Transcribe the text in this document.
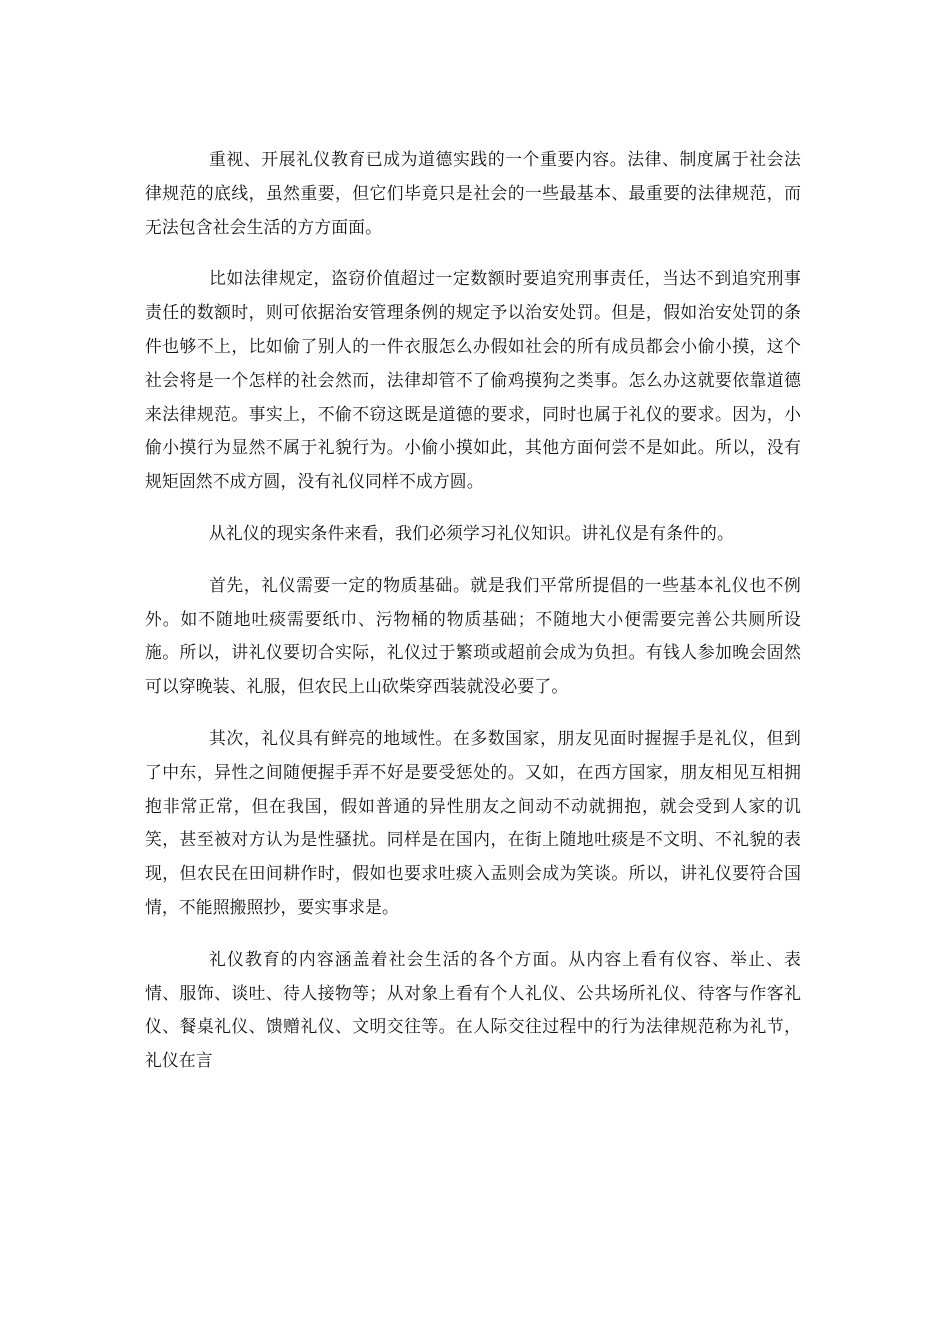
重视、开展礼仪教育已成为道德实践的一个重要内容。法律、制度属于社会法律规范的底线，虽然重要，但它们毕竟只是社会的一些最基本、最重要的法律规范，而无法包含社会生活的方方面面。

比如法律规定，盗窃价值超过一定数额时要追究刑事责任，当达不到追究刑事责任的数额时，则可依据治安管理条例的规定予以治安处罚。但是，假如治安处罚的条件也够不上，比如偷了别人的一件衣服怎么办假如社会的所有成员都会小偷小摸，这个社会将是一个怎样的社会然而，法律却管不了偷鸡摸狗之类事。怎么办这就要依靠道德来法律规范。事实上，不偷不窃这既是道德的要求，同时也属于礼仪的要求。因为，小偷小摸行为显然不属于礼貌行为。小偷小摸如此，其他方面何尝不是如此。所以，没有规矩固然不成方圆，没有礼仪同样不成方圆。

从礼仪的现实条件来看，我们必须学习礼仪知识。讲礼仪是有条件的。

首先，礼仪需要一定的物质基础。就是我们平常所提倡的一些基本礼仪也不例外。如不随地吐痰需要纸巾、污物桶的物质基础；不随地大小便需要完善公共厕所设施。所以，讲礼仪要切合实际，礼仪过于繁琐或超前会成为负担。有钱人参加晚会固然可以穿晚装、礼服，但农民上山砍柴穿西装就没必要了。

其次，礼仪具有鲜亮的地域性。在多数国家，朋友见面时握握手是礼仪，但到了中东，异性之间随便握手弄不好是要受惩处的。又如，在西方国家，朋友相见互相拥抱非常正常，但在我国，假如普通的异性朋友之间动不动就拥抱，就会受到人家的讥笑，甚至被对方认为是性骚扰。同样是在国内，在街上随地吐痰是不文明、不礼貌的表现，但农民在田间耕作时，假如也要求吐痰入盂则会成为笑谈。所以，讲礼仪要符合国情，不能照搬照抄，要实事求是。

礼仪教育的内容涵盖着社会生活的各个方面。从内容上看有仪容、举止、表情、服饰、谈吐、待人接物等；从对象上看有个人礼仪、公共场所礼仪、待客与作客礼仪、餐桌礼仪、馈赠礼仪、文明交往等。在人际交往过程中的行为法律规范称为礼节，礼仪在言
